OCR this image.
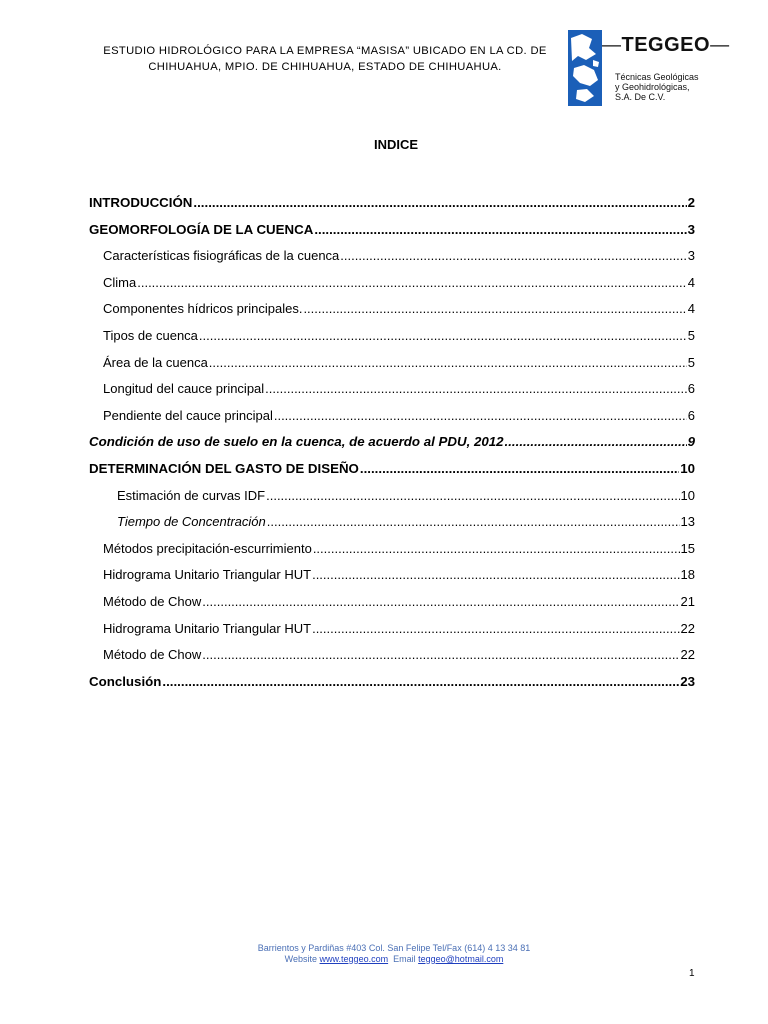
ESTUDIO HIDROLÓGICO PARA LA EMPRESA “MASISA” UBICADO EN LA CD. DE
CHIHUAHUA, MPIO. DE CHIHUAHUA, ESTADO DE CHIHUAHUA.
—TEGGEO—
Técnicas Geológicas
y Geohidrológicas,
S.A. De C.V.
INDICE
INTRODUCCIÓN .....	2
GEOMORFOLOGÍA DE LA CUENCA .....	3
Características fisiográficas de la cuenca .....	3
Clima .....	4
Componentes hídricos principales. .....	4
Tipos de cuenca .....	5
Área de la cuenca .....	5
Longitud del cauce principal .....	6
Pendiente del cauce principal .....	6
Condición de uso de suelo en la cuenca, de acuerdo al PDU, 2012 .....	9
DETERMINACIÓN DEL GASTO DE DISEÑO .....	10
Estimación de curvas IDF .....	10
Tiempo de Concentración .....	13
Métodos precipitación-escurrimiento .....	15
Hidrograma Unitario Triangular HUT .....	18
Método de Chow .....	21
Hidrograma Unitario Triangular HUT .....	22
Método de Chow .....	22
Conclusión .....	23
Barrientos y Pardiñas #403 Col. San Felipe Tel/Fax (614) 4 13 34 81
Website www.teggeo.com Email teggeo@hotmail.com
1
